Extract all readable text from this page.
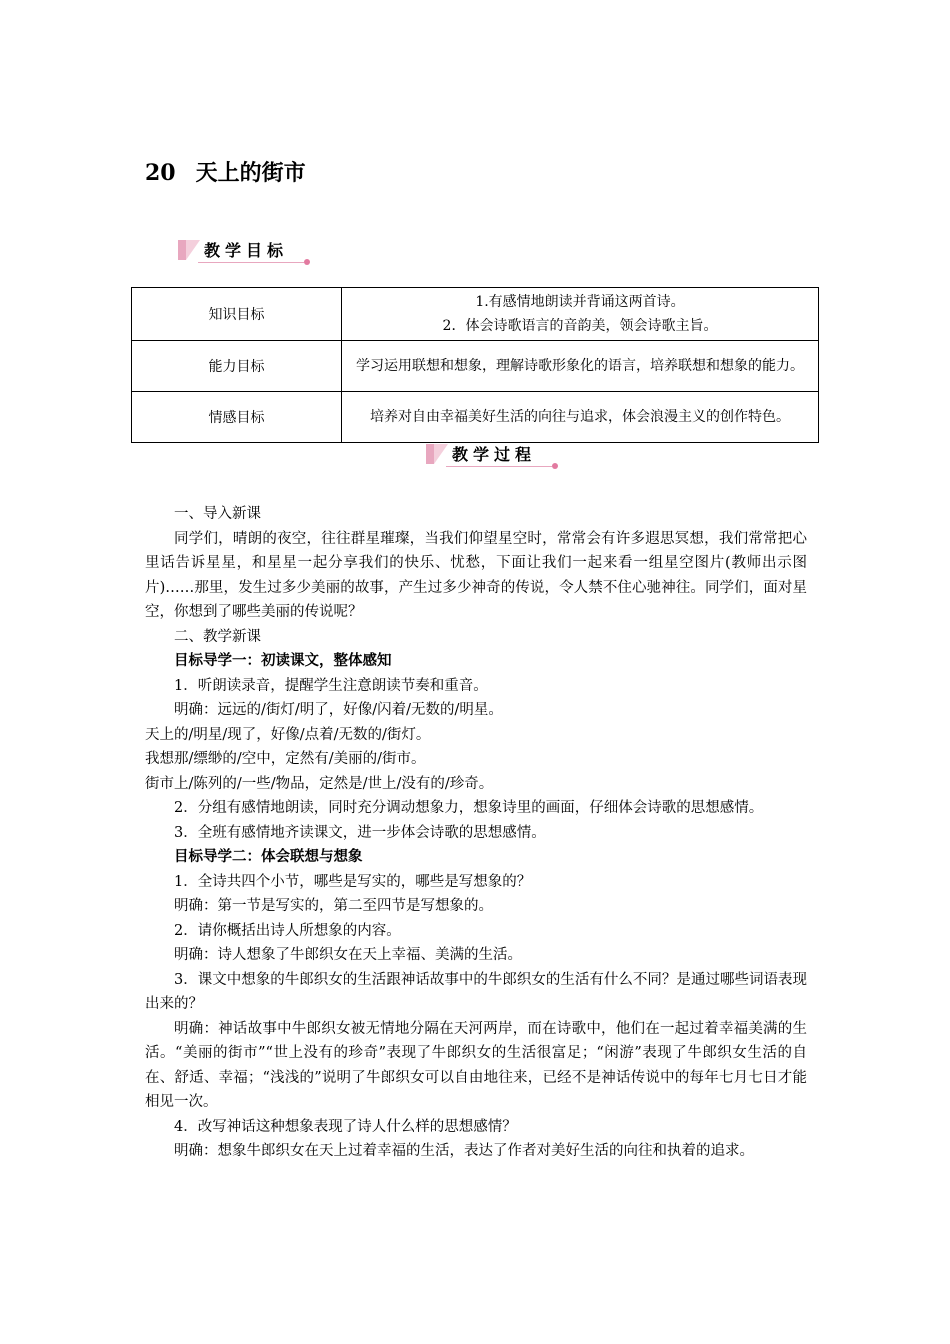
20 天上的街市
教学目标
知识目标	1.有感情地朗读并背诵这两首诗。
2．体会诗歌语言的音韵美，领会诗歌主旨。

能力目标	学习运用联想和想象，理解诗歌形象化的语言，培养联想和想象的能力。

情感目标	培养对自由幸福美好生活的向往与追求，体会浪漫主义的创作特色。
教学过程

一、导入新课

同学们，晴朗的夜空，往往群星璀璨，当我们仰望星空时，常常会有许多遐思冥想，我们常常把心里话告诉星星，和星星一起分享我们的快乐、忧愁，下面让我们一起来看一组星空图片(教师出示图片)……那里，发生过多少美丽的故事，产生过多少神奇的传说，令人禁不住心驰神往。同学们，面对星空，你想到了哪些美丽的传说呢？

二、教学新课

目标导学一：初读课文，整体感知

1．听朗读录音，提醒学生注意朗读节奏和重音。

明确：远远的/街灯/明了，好像/闪着/无数的/明星。

天上的/明星/现了，好像/点着/无数的/街灯。

我想那/缥缈的/空中，定然有/美丽的/街市。

街市上/陈列的/一些/物品，定然是/世上/没有的/珍奇。

2．分组有感情地朗读，同时充分调动想象力，想象诗里的画面，仔细体会诗歌的思想感情。

3．全班有感情地齐读课文，进一步体会诗歌的思想感情。

目标导学二：体会联想与想象

1．全诗共四个小节，哪些是写实的，哪些是写想象的？

明确：第一节是写实的，第二至四节是写想象的。

2．请你概括出诗人所想象的内容。

明确：诗人想象了牛郎织女在天上幸福、美满的生活。

3．课文中想象的牛郎织女的生活跟神话故事中的牛郎织女的生活有什么不同？是通过哪些词语表现出来的？

明确：神话故事中牛郎织女被无情地分隔在天河两岸，而在诗歌中，他们在一起过着幸福美满的生活。“美丽的街市”“世上没有的珍奇”表现了牛郎织女的生活很富足；“闲游”表现了牛郎织女生活的自在、舒适、幸福；“浅浅的”说明了牛郎织女可以自由地往来，已经不是神话传说中的每年七月七日才能相见一次。

4．改写神话这种想象表现了诗人什么样的思想感情？

明确：想象牛郎织女在天上过着幸福的生活，表达了作者对美好生活的向往和执着的追求。
